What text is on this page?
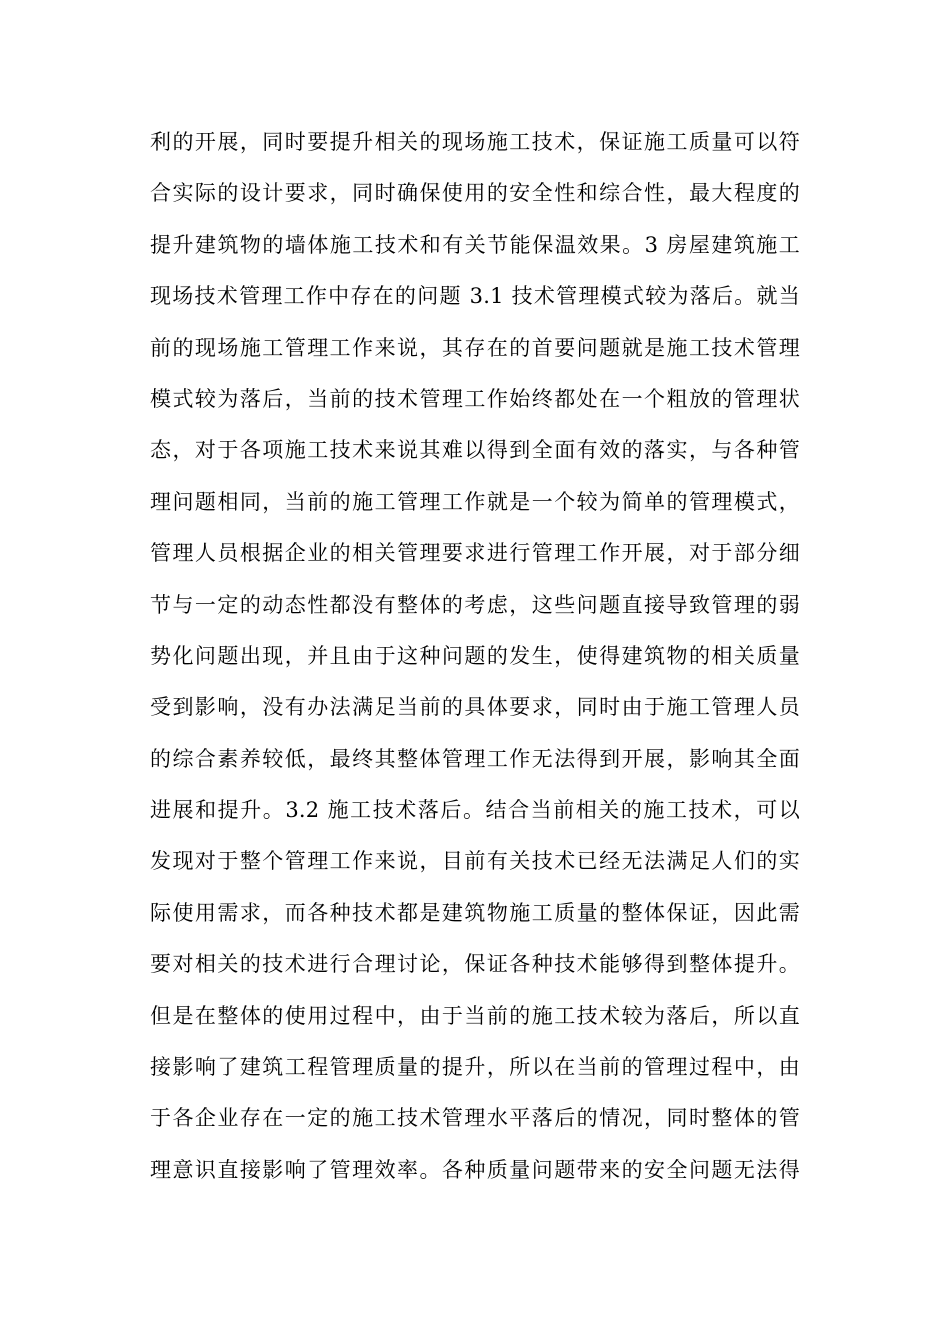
利的开展，同时要提升相关的现场施工技术，保证施工质量可以符
合实际的设计要求，同时确保使用的安全性和综合性，最大程度的
提升建筑物的墙体施工技术和有关节能保温效果。3 房屋建筑施工
现场技术管理工作中存在的问题 3.1 技术管理模式较为落后。就当
前的现场施工管理工作来说，其存在的首要问题就是施工技术管理
模式较为落后，当前的技术管理工作始终都处在一个粗放的管理状
态，对于各项施工技术来说其难以得到全面有效的落实，与各种管
理问题相同，当前的施工管理工作就是一个较为简单的管理模式，
管理人员根据企业的相关管理要求进行管理工作开展，对于部分细
节与一定的动态性都没有整体的考虑，这些问题直接导致管理的弱
势化问题出现，并且由于这种问题的发生，使得建筑物的相关质量
受到影响，没有办法满足当前的具体要求，同时由于施工管理人员
的综合素养较低，最终其整体管理工作无法得到开展，影响其全面
进展和提升。3.2 施工技术落后。结合当前相关的施工技术，可以
发现对于整个管理工作来说，目前有关技术已经无法满足人们的实
际使用需求，而各种技术都是建筑物施工质量的整体保证，因此需
要对相关的技术进行合理讨论，保证各种技术能够得到整体提升。
但是在整体的使用过程中，由于当前的施工技术较为落后，所以直
接影响了建筑工程管理质量的提升，所以在当前的管理过程中，由
于各企业存在一定的施工技术管理水平落后的情况，同时整体的管
理意识直接影响了管理效率。各种质量问题带来的安全问题无法得
